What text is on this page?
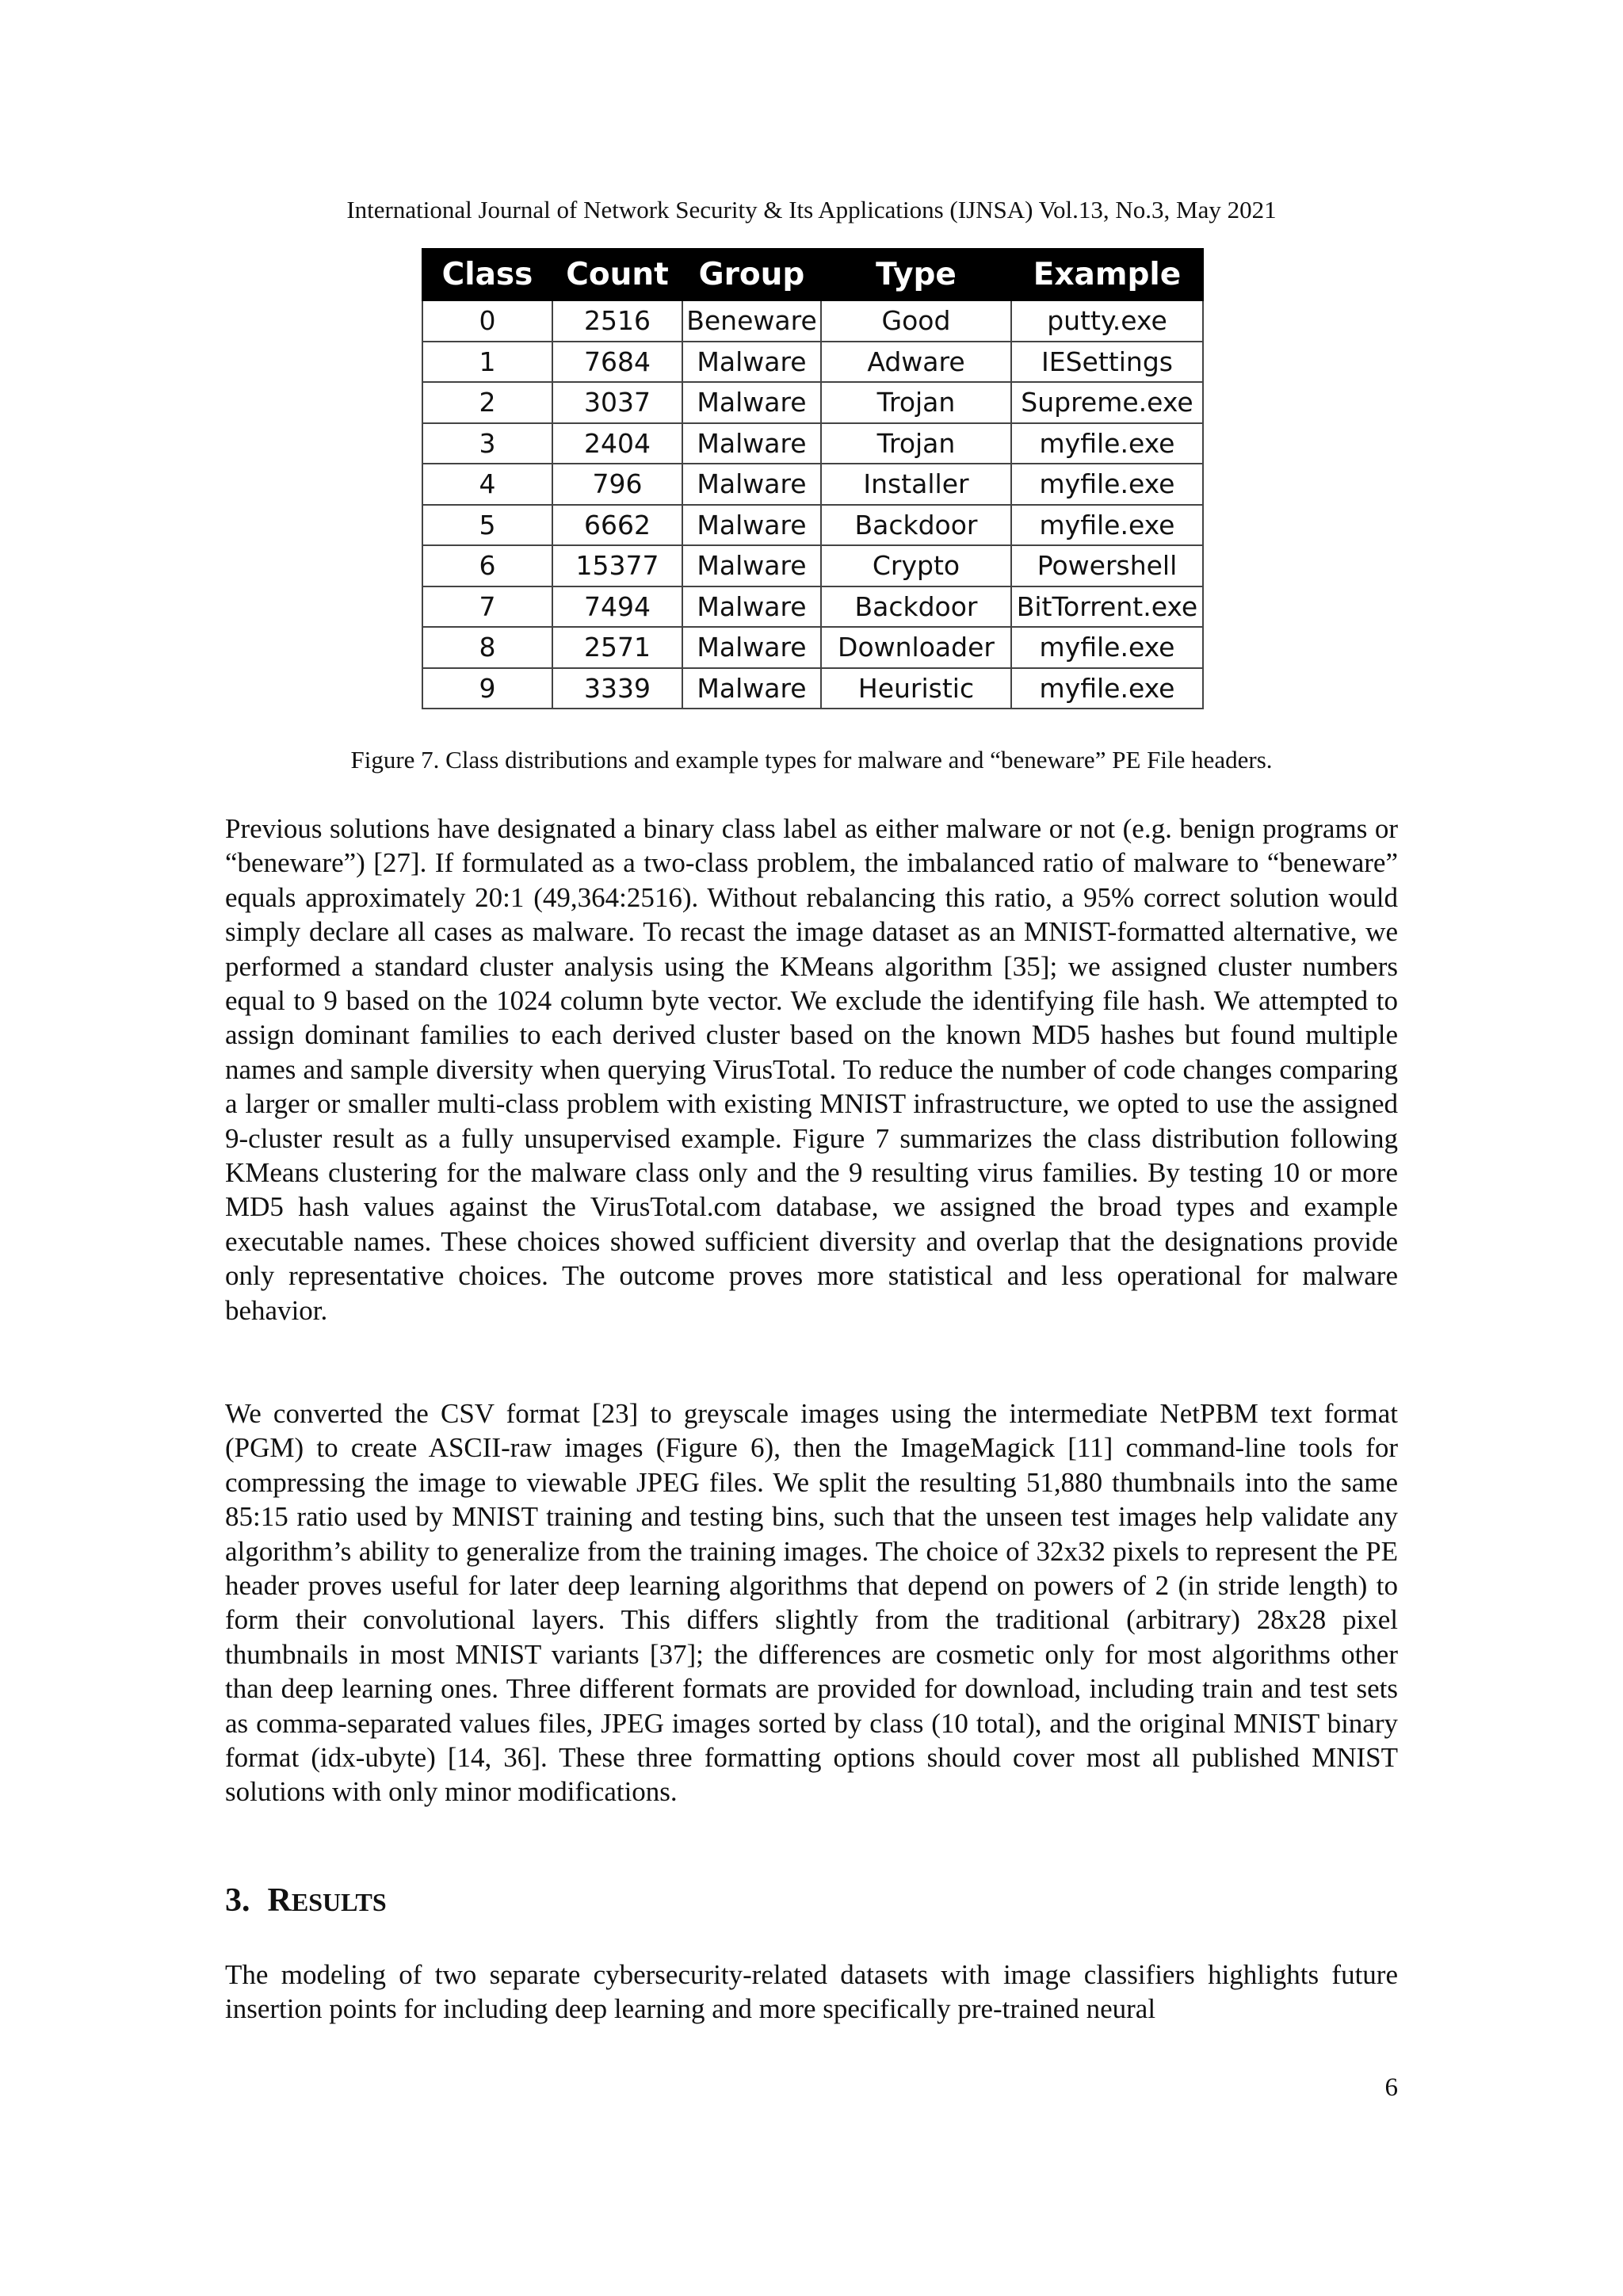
International Journal of Network Security & Its Applications (IJNSA) Vol.13, No.3, May 2021
Class	Count	Group	Type	Example
0	2516	Beneware	Good	putty.exe
1	7684	Malware	Adware	IESettings
2	3037	Malware	Trojan	Supreme.exe
3	2404	Malware	Trojan	myfile.exe
4	796	Malware	Installer	myfile.exe
5	6662	Malware	Backdoor	myfile.exe
6	15377	Malware	Crypto	Powershell
7	7494	Malware	Backdoor	BitTorrent.exe
8	2571	Malware	Downloader	myfile.exe
9	3339	Malware	Heuristic	myfile.exe
Figure 7. Class distributions and example types for malware and “beneware” PE File headers.

Previous solutions have designated a binary class label as either malware or not (e.g. benign programs or “beneware”) [27]. If formulated as a two-class problem, the imbalanced ratio of malware to “beneware” equals approximately 20:1 (49,364:2516). Without rebalancing this ratio, a 95% correct solution would simply declare all cases as malware. To recast the image dataset as an MNIST-formatted alternative, we performed a standard cluster analysis using the KMeans algorithm [35]; we assigned cluster numbers equal to 9 based on the 1024 column byte vector. We exclude the identifying file hash. We attempted to assign dominant families to each derived cluster based on the known MD5 hashes but found multiple names and sample diversity when querying VirusTotal. To reduce the number of code changes comparing a larger or smaller multi-class problem with existing MNIST infrastructure, we opted to use the assigned 9-cluster result as a fully unsupervised example. Figure 7 summarizes the class distribution following KMeans clustering for the malware class only and the 9 resulting virus families. By testing 10 or more MD5 hash values against the VirusTotal.com database, we assigned the broad types and example executable names. These choices showed sufficient diversity and overlap that the designations provide only representative choices. The outcome proves more statistical and less operational for malware behavior.

We converted the CSV format [23] to greyscale images using the intermediate NetPBM text format (PGM) to create ASCII-raw images (Figure 6), then the ImageMagick [11] command-line tools for compressing the image to viewable JPEG files. We split the resulting 51,880 thumbnails into the same 85:15 ratio used by MNIST training and testing bins, such that the unseen test images help validate any algorithm’s ability to generalize from the training images. The choice of 32x32 pixels to represent the PE header proves useful for later deep learning algorithms that depend on powers of 2 (in stride length) to form their convolutional layers. This differs slightly from the traditional (arbitrary) 28x28 pixel thumbnails in most MNIST variants [37]; the differences are cosmetic only for most algorithms other than deep learning ones. Three different formats are provided for download, including train and test sets as comma-separated values files, JPEG images sorted by class (10 total), and the original MNIST binary format (idx-ubyte) [14, 36]. These three formatting options should cover most all published MNIST solutions with only minor modifications.

3. RESULTS

The modeling of two separate cybersecurity-related datasets with image classifiers highlights future insertion points for including deep learning and more specifically pre-trained neural

6
